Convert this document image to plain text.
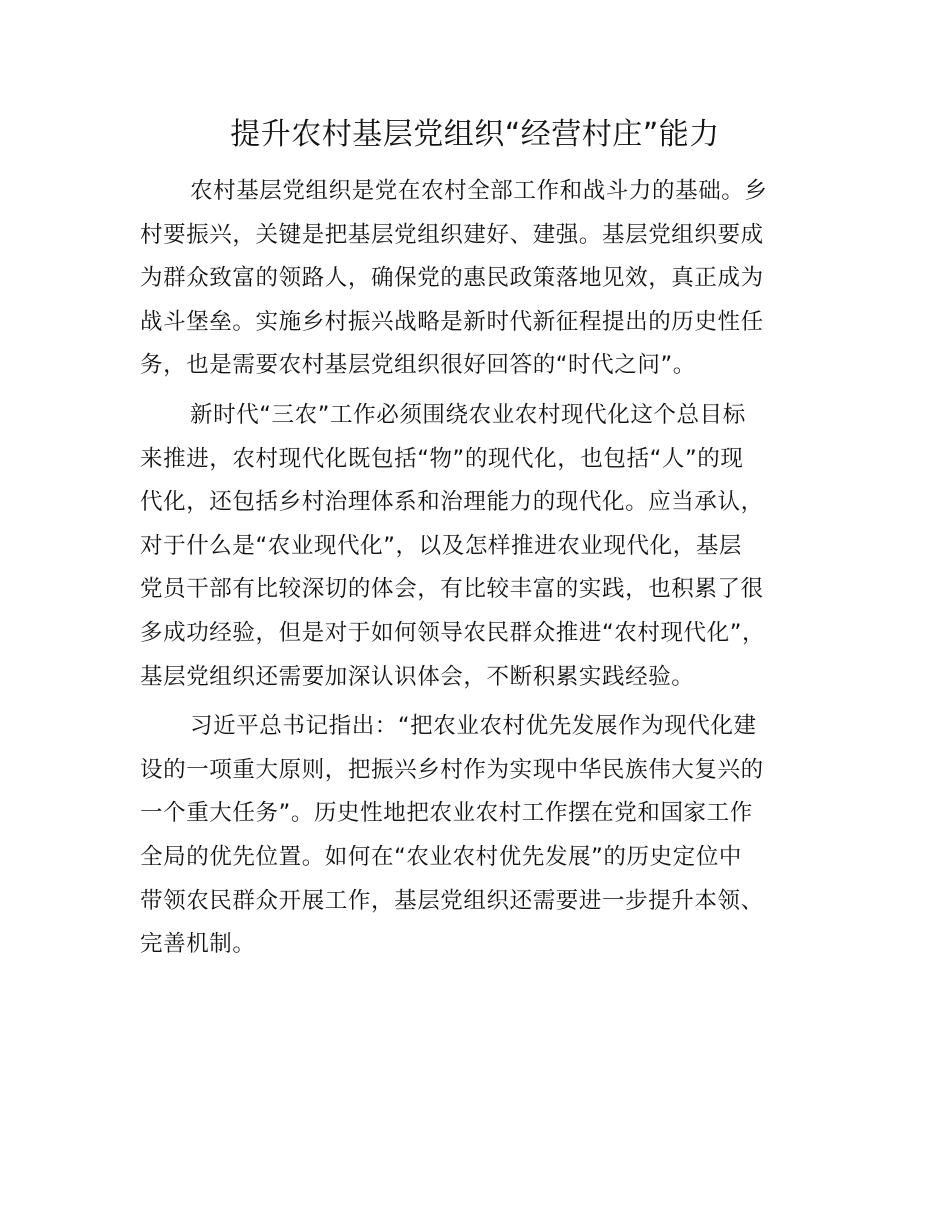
提升农村基层党组织“经营村庄”能力
农村基层党组织是党在农村全部工作和战斗力的基础。乡
村要振兴，关键是把基层党组织建好、建强。基层党组织要成
为群众致富的领路人，确保党的惠民政策落地见效，真正成为
战斗堡垒。实施乡村振兴战略是新时代新征程提出的历史性任
务，也是需要农村基层党组织很好回答的“时代之问”。
新时代“三农”工作必须围绕农业农村现代化这个总目标
来推进，农村现代化既包括“物”的现代化，也包括“人”的现
代化，还包括乡村治理体系和治理能力的现代化。应当承认，
对于什么是“农业现代化”，以及怎样推进农业现代化，基层
党员干部有比较深切的体会，有比较丰富的实践，也积累了很
多成功经验，但是对于如何领导农民群众推进“农村现代化”，
基层党组织还需要加深认识体会，不断积累实践经验。
习近平总书记指出：“把农业农村优先发展作为现代化建
设的一项重大原则，把振兴乡村作为实现中华民族伟大复兴的
一个重大任务”。历史性地把农业农村工作摆在党和国家工作
全局的优先位置。如何在“农业农村优先发展”的历史定位中
带领农民群众开展工作，基层党组织还需要进一步提升本领、
完善机制。
